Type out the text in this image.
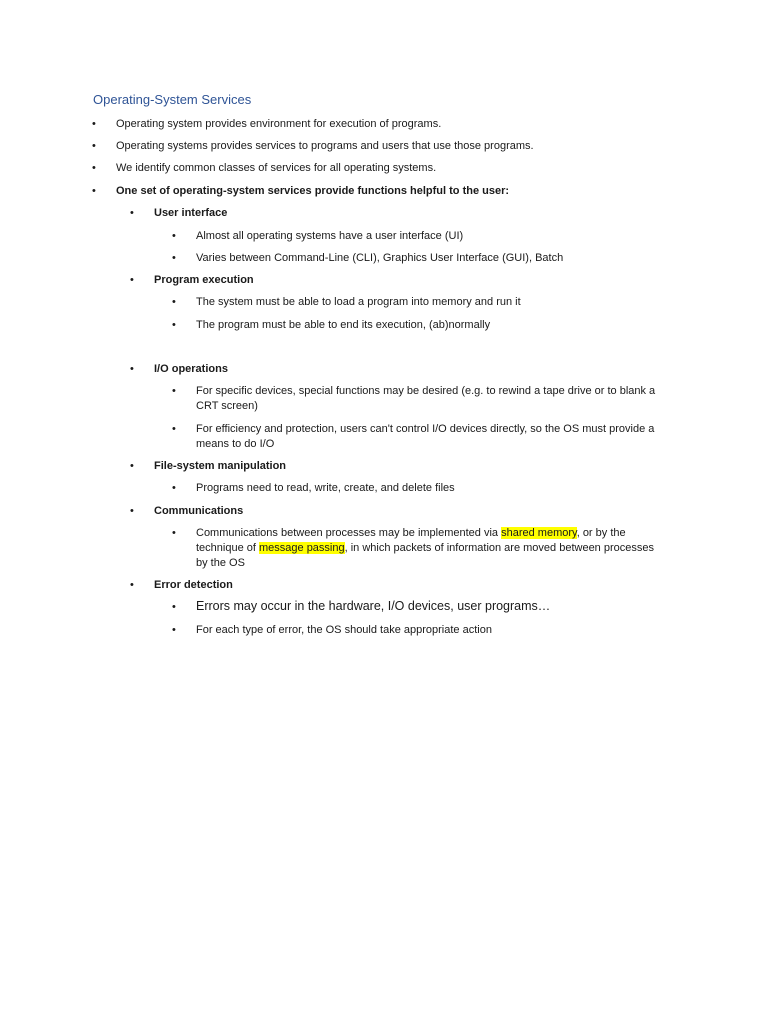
Operating-System Services
• Operating system provides environment for execution of programs.
• Operating systems provides services to programs and users that use those programs.
• We identify common classes of services for all operating systems.
• One set of operating-system services provide functions helpful to the user:
• User interface
• Almost all operating systems have a user interface (UI)
• Varies between Command-Line (CLI), Graphics User Interface (GUI), Batch
• Program execution
• The system must be able to load a program into memory and run it
• The program must be able to end its execution, (ab)normally
• I/O operations
• For specific devices, special functions may be desired (e.g. to rewind a tape drive or to blank a CRT screen)
• For efficiency and protection, users can't control I/O devices directly, so the OS must provide a means to do I/O
• File-system manipulation
• Programs need to read, write, create, and delete files
• Communications
• Communications between processes may be implemented via shared memory, or by the technique of message passing, in which packets of information are moved between processes by the OS
• Error detection
• Errors may occur in the hardware, I/O devices, user programs…
• For each type of error, the OS should take appropriate action
